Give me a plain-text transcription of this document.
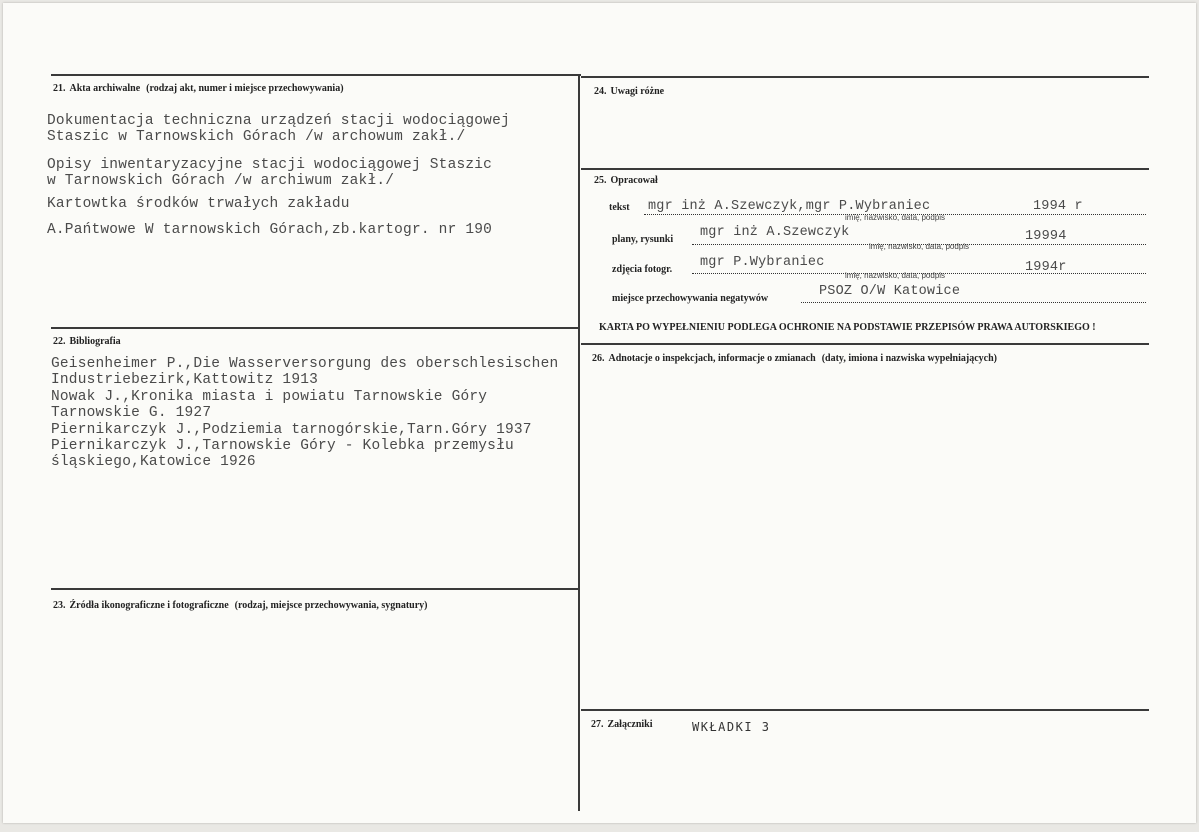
21. Akta archiwalne (rodzaj akt, numer i miejsce przechowywania)
Dokumentacja techniczna urządzeń stacji wodociągowej
Staszic w Tarnowskich Górach /w archowum zakł./
Opisy inwentaryzacyjne stacji wodociągowej Staszic
w Tarnowskich Górach /w archiwum zakł./
Kartowtka środków trwałych zakładu
A.Pańtwowe W tarnowskich Górach,zb.kartogr. nr 190
22. Bibliografia
Geisenheimer P.,Die Wasserversorgung des oberschlesischen
Industriebezirk,Kattowitz 1913
Nowak J.,Kronika miasta i powiatu Tarnowskie Góry
Tarnowskie G. 1927
Piernikarczyk J.,Podziemia tarnogórskie,Tarn.Góry 1937
Piernikarczyk J.,Tarnowskie Góry - Kolebka przemysłu
śląskiego,Katowice 1926
23. Źródła ikonograficzne i fotograficzne (rodzaj, miejsce przechowywania, sygnatury)
24. Uwagi różne
25. Opracował
tekst mgr inż A.Szewczyk,mgr P.Wybraniec	1994 r
imię, nazwisko, data, podpis
plany, rysunki mgr inż A.Szewczyk	19994
imię, nazwisko, data, podpis
zdjęcia fotogr. mgr P.Wybraniec	1994r
imię, nazwisko, data, podpis
miejsce przechowywania negatywów	PSOZ O/W Katowice
KARTA PO WYPEŁNIENIU PODLEGA OCHRONIE NA PODSTAWIE PRZEPISÓW PRAWA AUTORSKIEGO !
26. Adnotacje o inspekcjach, informacje o zmianach (daty, imiona i nazwiska wypełniających)
27. Załączniki	WKŁADKI 3
